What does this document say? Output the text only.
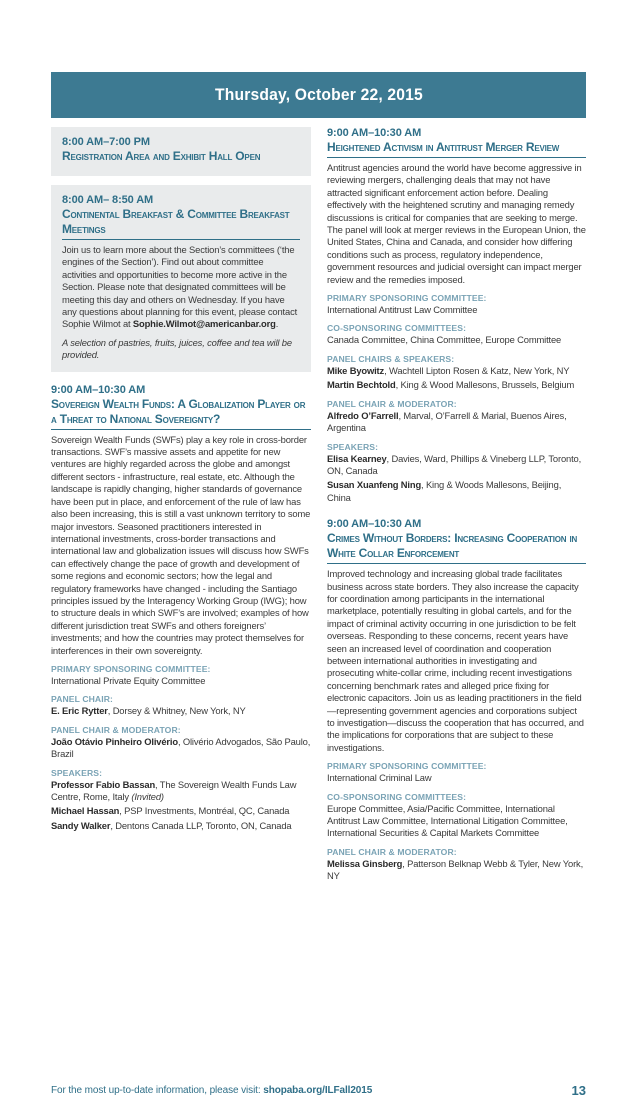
Thursday, October 22, 2015
8:00 AM–7:00 PM
Registration Area and Exhibit Hall Open
8:00 AM– 8:50 AM
Continental Breakfast & Committee Breakfast Meetings
Join us to learn more about the Section’s committees (‘the engines of the Section’). Find out about committee activities and opportunities to become more active in the Section. Please note that designated committees will be meeting this day and others on Wednesday. If you have any questions about planning for this event, please contact Sophie Wilmot at Sophie.Wilmot@americanbar.org.
A selection of pastries, fruits, juices, coffee and tea will be provided.
9:00 AM–10:30 AM
Sovereign Wealth Funds: A Globalization Player or a Threat to National Sovereignty?
Sovereign Wealth Funds (SWFs) play a key role in cross-border transactions. SWF’s massive assets and appetite for new ventures are highly regarded across the globe and amongst different sectors - infrastructure, real estate, etc. Although the landscape is rapidly changing, higher standards of governance have been put in place, and enforcement of the rule of law has also been increasing, this is still a vast unknown territory to some major investors. Seasoned practitioners interested in international investments, cross-border transactions and international law and globalization issues will discuss how SWFs can effectively change the pace of growth and development of some regions and economic sectors; how the legal and regulatory frameworks have changed - including the Santiago principles issued by the Interagency Working Group (IWG); how to structure deals in which SWF’s are involved; examples of how different jurisdiction treat SWFs and others foreigners’ investments; and how the countries may protect themselves for interferences in their own sovereignty.
PRIMARY SPONSORING COMMITTEE:
International Private Equity Committee
PANEL CHAIR:
E. Eric Rytter, Dorsey & Whitney, New York, NY
PANEL CHAIR & MODERATOR:
João Otávio Pinheiro Olivério, Olivério Advogados, São Paulo, Brazil
SPEAKERS:
Professor Fabio Bassan, The Sovereign Wealth Funds Law Centre, Rome, Italy (Invited)
Michael Hassan, PSP Investments, Montréal, QC, Canada
Sandy Walker, Dentons Canada LLP, Toronto, ON, Canada
9:00 AM–10:30 AM
Heightened Activism in Antitrust Merger Review
Antitrust agencies around the world have become aggressive in reviewing mergers, challenging deals that may not have attracted significant enforcement action before. Dealing effectively with the heightened scrutiny and managing remedy discussions is critical for companies that are seeking to merge. The panel will look at merger reviews in the European Union, the United States, China and Canada, and consider how differing conditions such as process, regulatory independence, government resources and judicial oversight can impact merger review and the remedies imposed.
PRIMARY SPONSORING COMMITTEE:
International Antitrust Law Committee
CO-SPONSORING COMMITTEES:
Canada Committee, China Committee, Europe Committee
PANEL CHAIRS & SPEAKERS:
Mike Byowitz, Wachtell Lipton Rosen & Katz, New York, NY
Martin Bechtold, King & Wood Mallesons, Brussels, Belgium
PANEL CHAIR & MODERATOR:
Alfredo O’Farrell, Marval, O’Farrell & Marial, Buenos Aires, Argentina
SPEAKERS:
Elisa Kearney, Davies, Ward, Phillips & Vineberg LLP, Toronto, ON, Canada
Susan Xuanfeng Ning, King & Woods Mallesons, Beijing, China
9:00 AM–10:30 AM
Crimes Without Borders: Increasing Cooperation in White Collar Enforcement
Improved technology and increasing global trade facilitates business across state borders. They also increase the capacity for coordination among participants in the international marketplace, potentially resulting in global cartels, and for the impact of criminal activity occurring in one jurisdiction to be felt overseas. Responding to these concerns, recent years have seen an increased level of coordination and cooperation between international authorities in investigating and prosecuting white-collar crime, including recent investigations concerning benchmark rates and alleged price fixing for electronic capacitors. Join us as leading practitioners in the field—representing government agencies and corporations subject to investigation—discuss the cooperation that has occurred, and the implications for corporations that are subject to these investigations.
PRIMARY SPONSORING COMMITTEE:
International Criminal Law
CO-SPONSORING COMMITTEES:
Europe Committee, Asia/Pacific Committee, International Antitrust Law Committee, International Litigation Committee, International Securities & Capital Markets Committee
PANEL CHAIR & MODERATOR:
Melissa Ginsberg, Patterson Belknap Webb & Tyler, New York, NY
For the most up-to-date information, please visit: shopaba.org/ILFall2015	13
